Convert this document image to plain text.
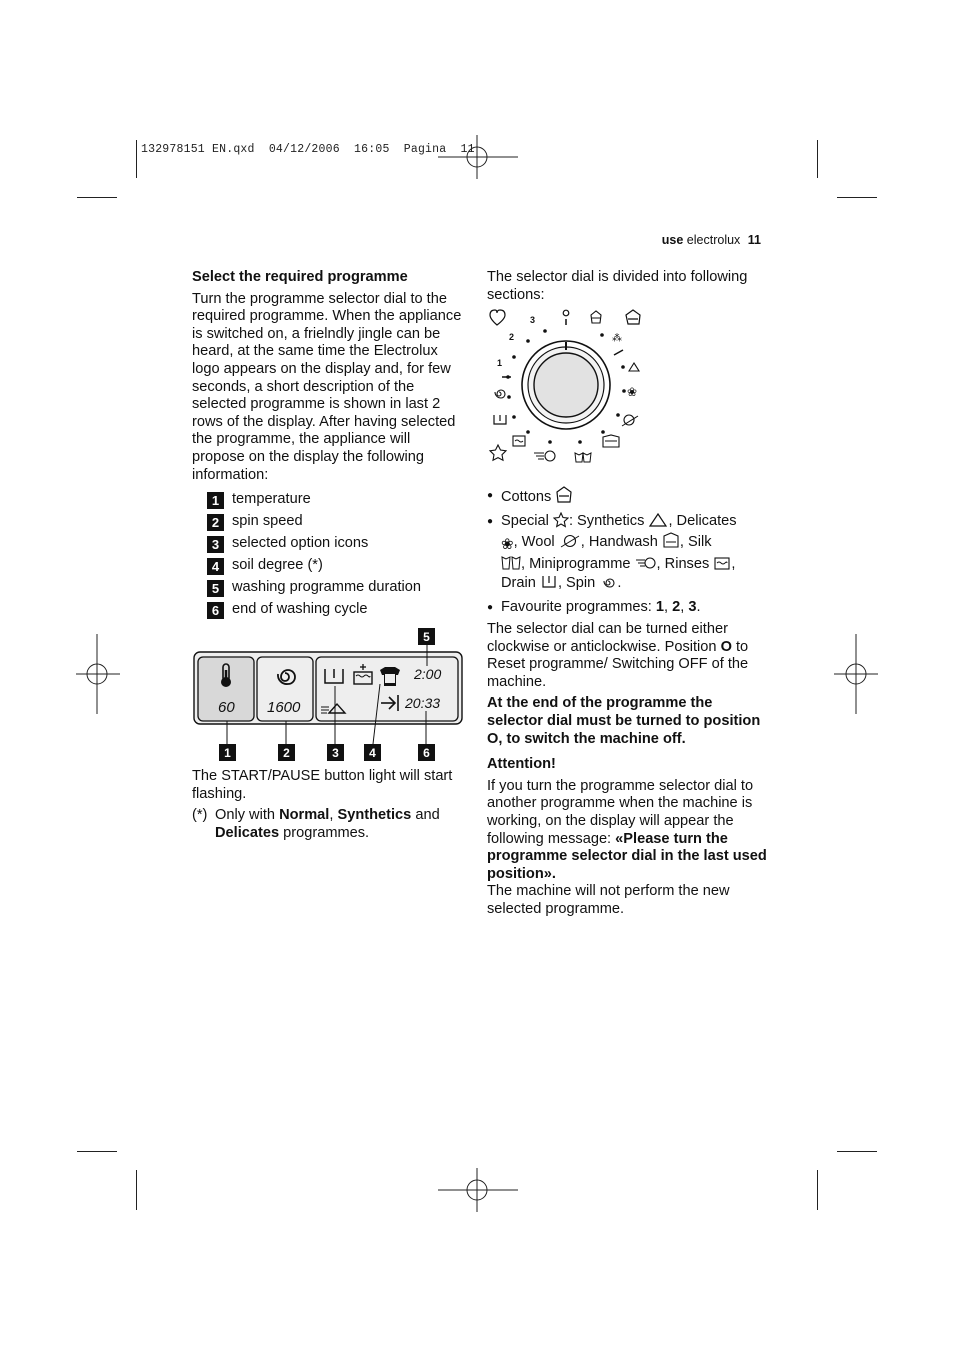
132978151 EN.qxd  04/12/2006  16:05  Pagina  11
use electrolux 11

Select the required programme

Turn the programme selector dial to the required programme. When the appliance is switched on, a frielndly jingle can be heard, at the same time the Electrolux logo appears on the display and, for few seconds, a short description of the selected programme is shown in last 2 rows of the display. After having selected the programme, the appliance will propose on the display the following information:

1 temperature
2 spin speed
3 selected option icons
4 soil degree (*)
5 washing programme duration
6 end of washing cycle
60 1600
2:00
20:33
5
1	2	3	4	6

The START/PAUSE button light will start flashing.

(*) Only with Normal, Synthetics and Delicates programmes.

The selector dial is divided into following sections:

1
2
3
⁂
❀
● Cottons
● Special : Synthetics , Delicates
❀, Wool , Handwash , Silk
, Miniprogramme , Rinses ,
Drain , Spin .
● Favourite programmes: 1, 2, 3.

The selector dial can be turned either clockwise or anticlockwise. Position O to Reset programme/ Switching OFF of the machine.

At the end of the programme the selector dial must be turned to position O, to switch the machine off.

Attention!

If you turn the programme selector dial to another programme when the machine is working, on the display will appear the following message: «Please turn the programme selector dial in the last used position».

The machine will not perform the new selected programme.
